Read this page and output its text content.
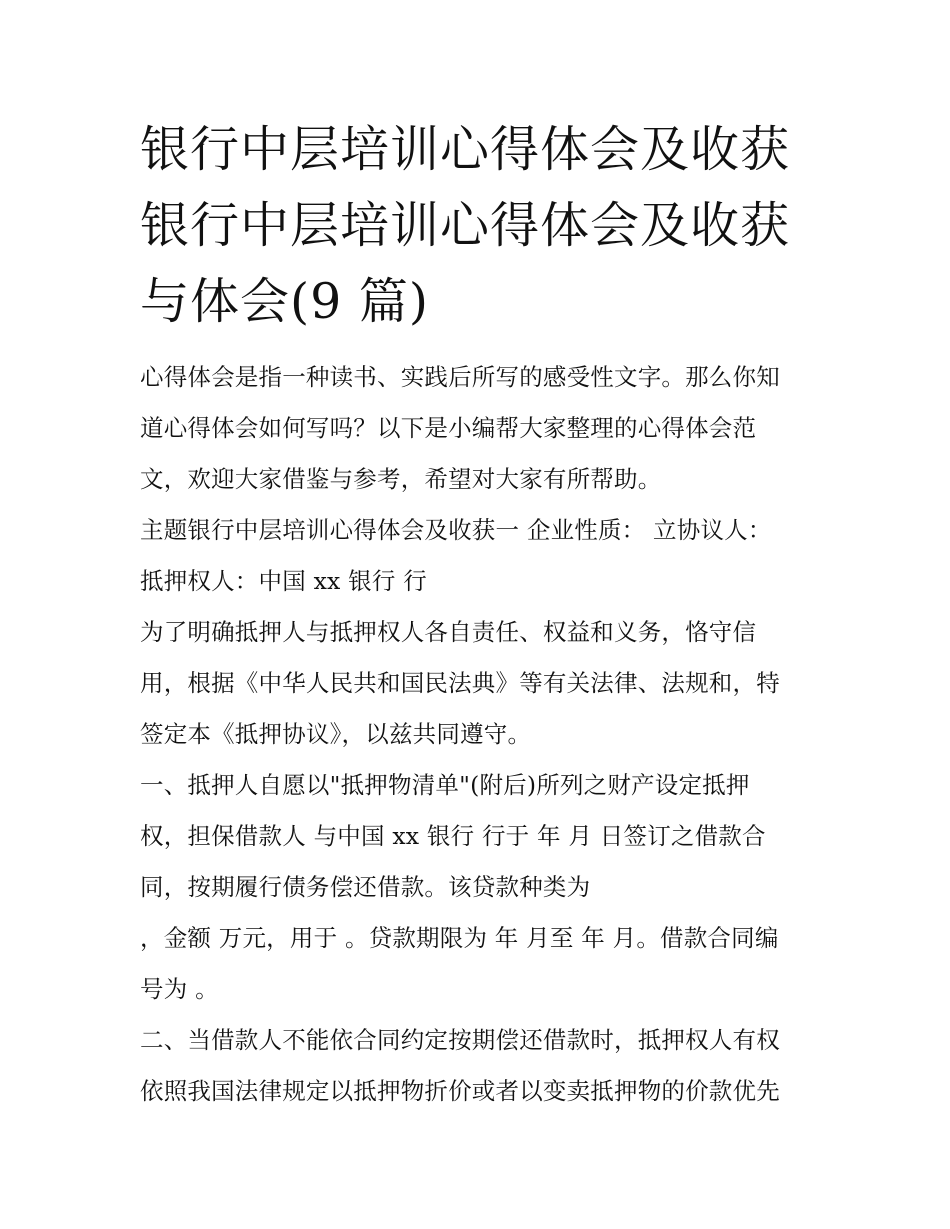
银行中层培训心得体会及收获
银行中层培训心得体会及收获
与体会(9 篇)
心得体会是指一种读书、实践后所写的感受性文字。那么你知
道心得体会如何写吗？以下是小编帮大家整理的心得体会范
文，欢迎大家借鉴与参考，希望对大家有所帮助。
主题银行中层培训心得体会及收获一 企业性质： 立协议人：
抵押权人：中国 xx 银行 行
为了明确抵押人与抵押权人各自责任、权益和义务，恪守信
用，根据《中华人民共和国民法典》等有关法律、法规和，特
签定本《抵押协议》，以兹共同遵守。
一、抵押人自愿以"抵押物清单"(附后)所列之财产设定抵押
权，担保借款人 与中国 xx 银行 行于 年 月 日签订之借款合
同，按期履行债务偿还借款。该贷款种类为
，金额 万元，用于 。贷款期限为 年 月至 年 月。借款合同编
号为 。
二、当借款人不能依合同约定按期偿还借款时，抵押权人有权
依照我国法律规定以抵押物折价或者以变卖抵押物的价款优先
